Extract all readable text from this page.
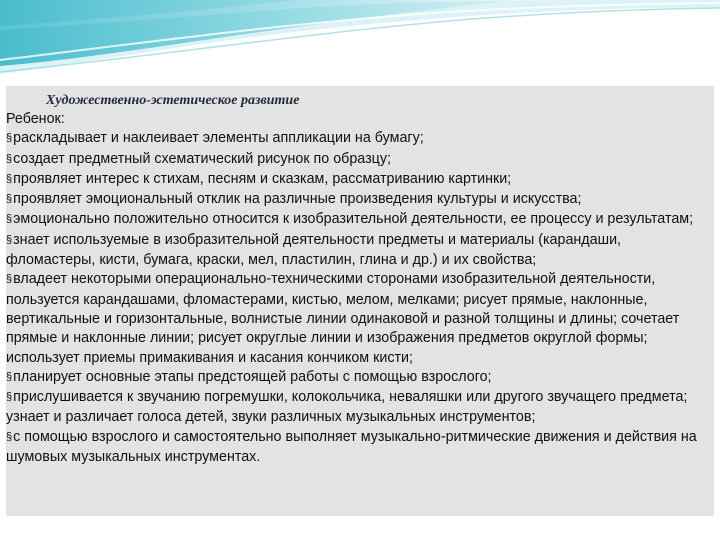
Художественно-эстетическое развитие

Ребенок:

§раскладывает и наклеивает элементы аппликации на бумагу;

§создает предметный схематический рисунок по образцу;

§проявляет интерес к стихам, песням и сказкам, рассматриванию картинки;

§проявляет эмоциональный отклик на различные произведения культуры и искусства;

§эмоционально положительно относится к изобразительной деятельности, ее процессу и результатам;

§знает используемые в изобразительной деятельности предметы и материалы (карандаши, фломастеры, кисти, бумага, краски, мел, пластилин, глина и др.) и их свойства;

§владеет некоторыми операционально-техническими сторонами изобразительной деятельности, пользуется карандашами, фломастерами, кистью, мелом, мелками; рисует прямые, наклонные, вертикальные и горизонтальные, волнистые линии одинаковой и разной толщины и длины; сочетает прямые и наклонные линии; рисует округлые линии и изображения предметов округлой формы; использует приемы примакивания и касания кончиком кисти;

§планирует основные этапы предстоящей работы с помощью взрослого;

§прислушивается к звучанию погремушки, колокольчика, неваляшки или другого звучащего предмета; узнает и различает голоса детей, звуки различных музыкальных инструментов;

§с помощью взрослого и самостоятельно выполняет музыкально-ритмические движения и действия на шумовых музыкальных инструментах.
